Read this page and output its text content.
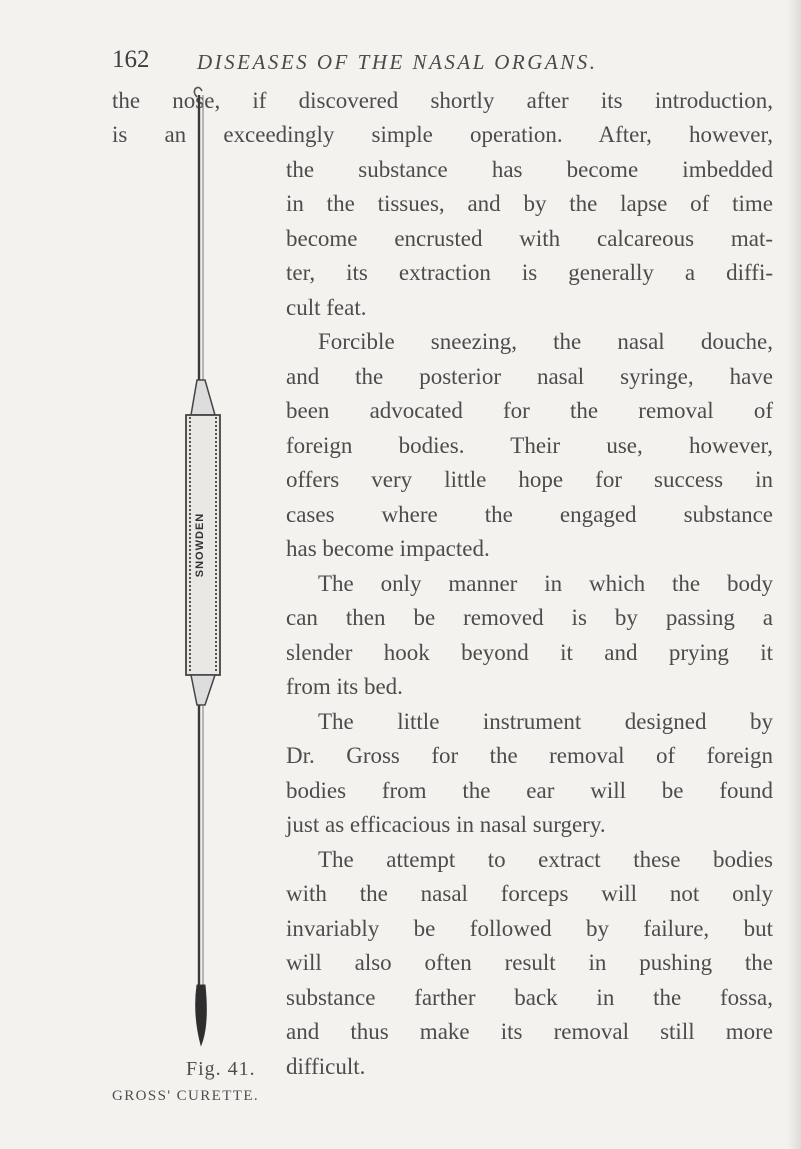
162 DISEASES OF THE NASAL ORGANS.
the nose, if discovered shortly after its introduction,
is an exceedingly simple operation. After, however,
the substance has become imbedded
in the tissues, and by the lapse of time
become encrusted with calcareous mat-
ter, its extraction is generally a diffi-
cult feat.
Forcible sneezing, the nasal douche,
and the posterior nasal syringe, have
been advocated for the removal of
foreign bodies. Their use, however,
offers very little hope for success in
cases where the engaged substance
has become impacted.
The only manner in which the body
can then be removed is by passing a
slender hook beyond it and prying it
from its bed.
The little instrument designed by
Dr. Gross for the removal of foreign
bodies from the ear will be found
just as efficacious in nasal surgery.
The attempt to extract these bodies
with the nasal forceps will not only
invariably be followed by failure, but
will also often result in pushing the
substance farther back in the fossa,
and thus make its removal still more
difficult.
SNOWDEN
Fig. 41.
GROSS' CURETTE.
